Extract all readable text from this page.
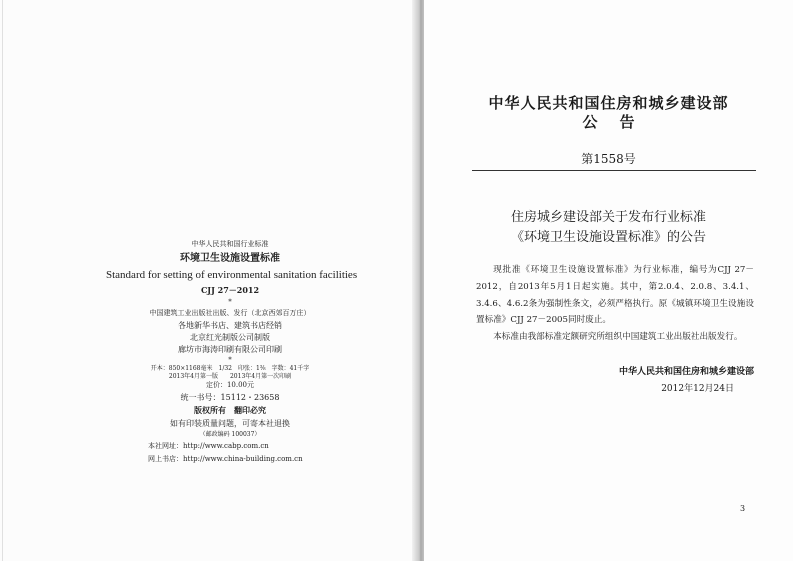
中华人民共和国行业标准
环境卫生设施设置标准
Standard for setting of environmental sanitation facilities
CJJ 27－2012
*
中国建筑工业出版社出版、发行（北京西郊百万庄）
各地新华书店、建筑书店经销
北京红光制版公司制版
廊坊市海涛印刷有限公司印刷
*
开本：850×1168毫米　1/32　印张：1⅜　字数：41千字
2013年4月第一版　　2013年4月第一次印刷
定价：10.00元
统一书号：15112・23658
版权所有　翻印必究
如有印装质量问题，可寄本社退换
（邮政编码 100037）
本社网址：http://www.cabp.com.cn
网上书店：http://www.china-building.com.cn
中华人民共和国住房和城乡建设部
公告
第1558号
住房城乡建设部关于发布行业标准
《环境卫生设施设置标准》的公告

现批准《环境卫生设施设置标准》为行业标准，编号为CJJ 27－2012，自2013年5月1日起实施。其中，第2.0.4、2.0.8、3.4.1、3.4.6、4.6.2条为强制性条文，必须严格执行。原《城镇环境卫生设施设置标准》CJJ 27－2005同时废止。

本标准由我部标准定额研究所组织中国建筑工业出版社出版发行。

中华人民共和国住房和城乡建设部
2012年12月24日
3
